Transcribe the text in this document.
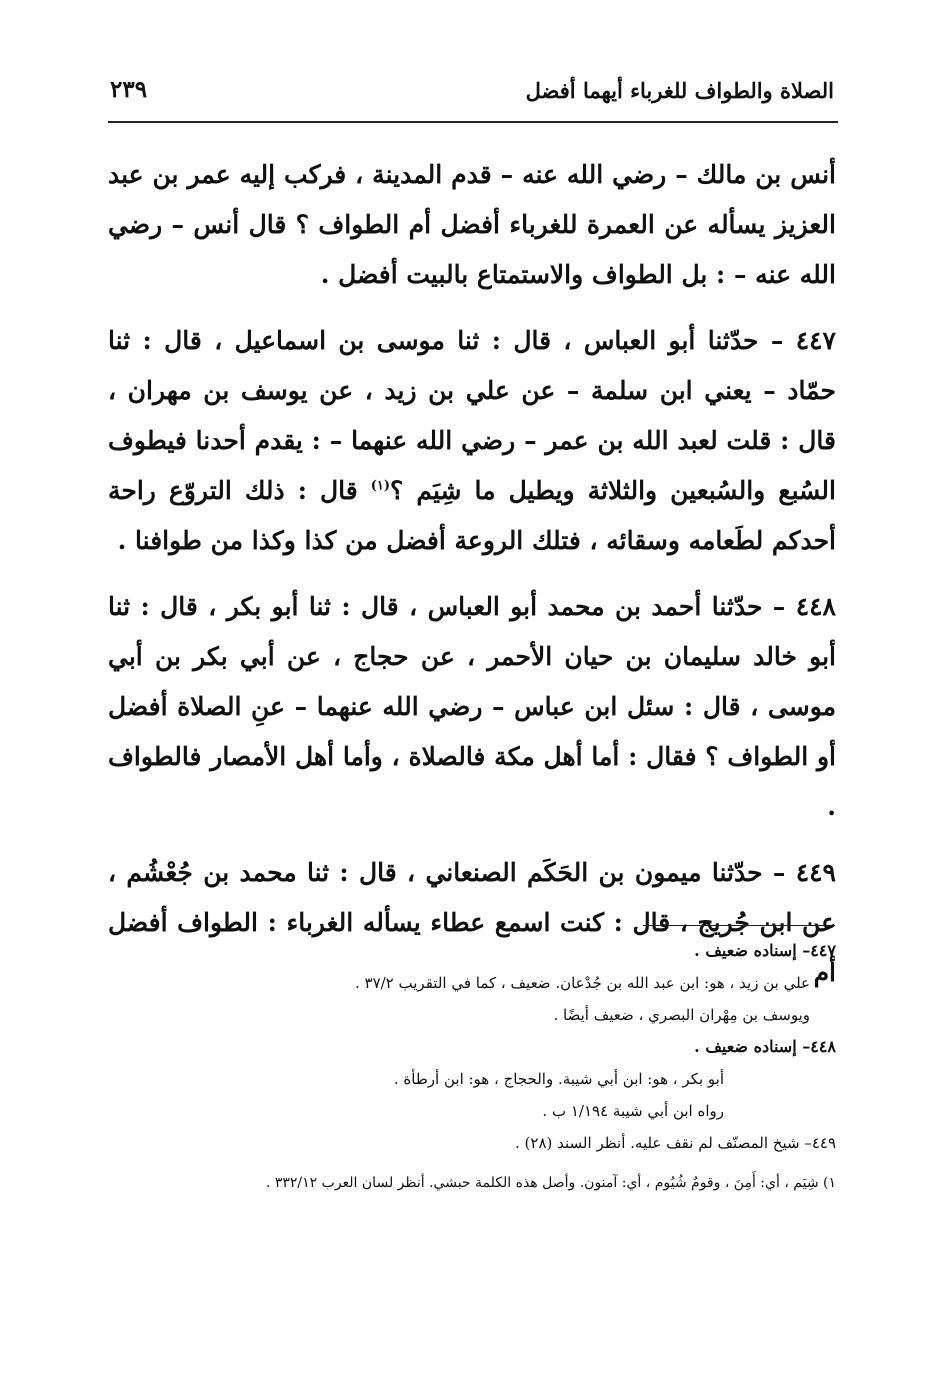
الصلاة والطواف للغرباء أيهما أفضل
٢٣٩

أنس بن مالك – رضي الله عنه – قدم المدينة ، فركب إليه عمر بن عبد العزيز يسأله عن العمرة للغرباء أفضل أم الطواف ؟ قال أنس – رضي الله عنه – : بل الطواف والاستمتاع بالبيت أفضل .

٤٤٧ – حدّثنا أبو العباس ، قال : ثنا موسى بن اسماعيل ، قال : ثنا حمّاد – يعني ابن سلمة – عن علي بن زيد ، عن يوسف بن مهران ، قال : قلت لعبد الله بن عمر – رضي الله عنهما – : يقدم أحدنا فيطوف السُبع والسُبعين والثلاثة ويطيل ما شِيَم ؟$^{(١)}$ قال : ذلك التروّع راحة أحدكم لطَعامه وسقائه ، فتلك الروعة أفضل من كذا وكذا من طوافنا .

٤٤٨ – حدّثنا أحمد بن محمد أبو العباس ، قال : ثنا أبو بكر ، قال : ثنا أبو خالد سليمان بن حيان الأحمر ، عن حجاج ، عن أبي بكر بن أبي موسى ، قال : سئل ابن عباس – رضي الله عنهما – عنِ الصلاة أفضل أو الطواف ؟ فقال : أما أهل مكة فالصلاة ، وأما أهل الأمصار فالطواف .

٤٤٩ – حدّثنا ميمون بن الحَكَم الصنعاني ، قال : ثنا محمد بن جُعْشُم ، عن ابن جُريج ، قال : كنت اسمع عطاء يسأله الغرباء : الطواف أفضل أم

٤٤٧– إسناده ضعيف .

علي بن زيد ، هو: ابن عبد الله بن جُدْعان. ضعيف ، كما في التقريب ٣٧/٢ .

ويوسف بن مِهْران البصري ، ضعيف أيضًا .

٤٤٨– إسناده ضعيف .

أبو بكر ، هو: ابن أبي شيبة. والحجاج ، هو: ابن أرطأة .

رواه ابن أبي شيبة ١/١٩٤ ب .

٤٤٩– شيخ المصنّف لم نقف عليه. أنظر السند (٢٨) .

١) شِيَم ، أي: أَمِنَ ، وقومٌ شُيُوم ، أي: آمنون. وأصل هذه الكلمة حبشي. أنظر لسان العرب ٣٣٢/١٢ .
